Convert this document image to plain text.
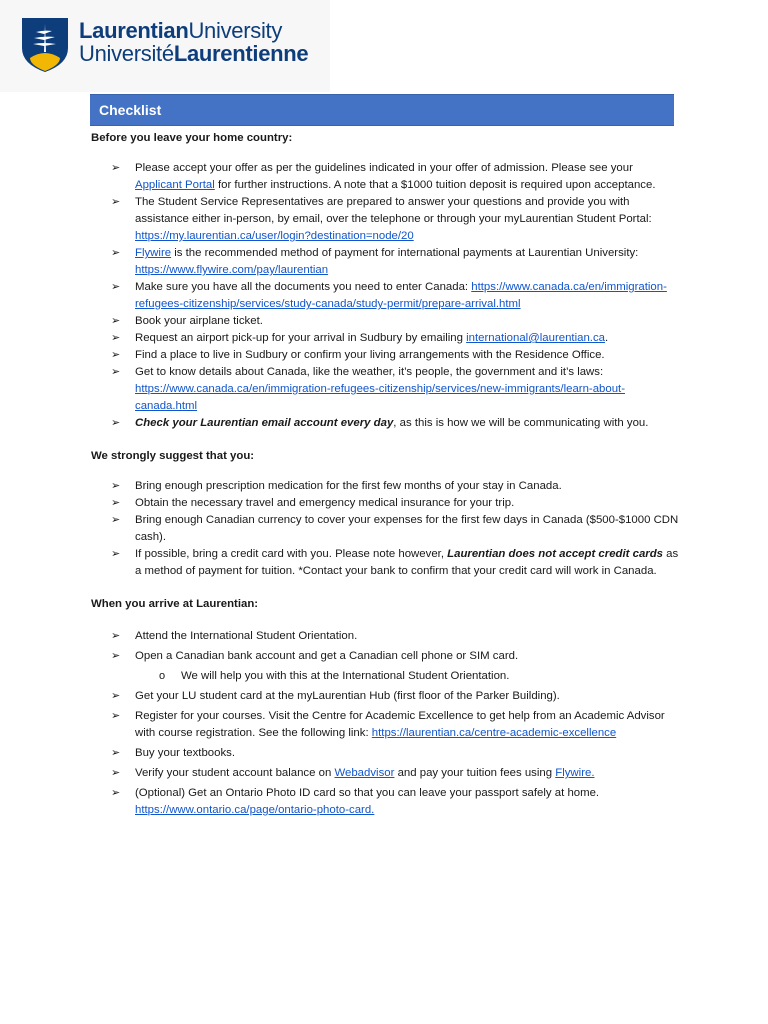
LaurentianUniversity
UniversitéLaurentienne
Checklist

Before you leave your home country:

➢ Please accept your offer as per the guidelines indicated in your offer of admission. Please see your Applicant Portal for further instructions. A note that a $1000 tuition deposit is required upon acceptance.
➢ The Student Service Representatives are prepared to answer your questions and provide you with assistance either in-person, by email, over the telephone or through your myLaurentian Student Portal: https://my.laurentian.ca/user/login?destination=node/20
➢ Flywire is the recommended method of payment for international payments at Laurentian University: https://www.flywire.com/pay/laurentian
➢ Make sure you have all the documents you need to enter Canada: https://www.canada.ca/en/immigration-refugees-citizenship/services/study-canada/study-permit/prepare-arrival.html
➢ Book your airplane ticket.
➢ Request an airport pick-up for your arrival in Sudbury by emailing international@laurentian.ca.
➢ Find a place to live in Sudbury or confirm your living arrangements with the Residence Office.
➢ Get to know details about Canada, like the weather, it’s people, the government and it’s laws: https://www.canada.ca/en/immigration-refugees-citizenship/services/new-immigrants/learn-about-canada.html
➢ Check your Laurentian email account every day, as this is how we will be communicating with you.

We strongly suggest that you:

➢ Bring enough prescription medication for the first few months of your stay in Canada.
➢ Obtain the necessary travel and emergency medical insurance for your trip.
➢ Bring enough Canadian currency to cover your expenses for the first few days in Canada ($500-$1000 CDN cash).
➢ If possible, bring a credit card with you. Please note however, Laurentian does not accept credit cards as a method of payment for tuition. *Contact your bank to confirm that your credit card will work in Canada.

When you arrive at Laurentian:

➢ Attend the International Student Orientation.
➢ Open a Canadian bank account and get a Canadian cell phone or SIM card.
o We will help you with this at the International Student Orientation.
➢ Get your LU student card at the myLaurentian Hub (first floor of the Parker Building).
➢ Register for your courses. Visit the Centre for Academic Excellence to get help from an Academic Advisor with course registration. See the following link: https://laurentian.ca/centre-academic-excellence
➢ Buy your textbooks.
➢ Verify your student account balance on Webadvisor and pay your tuition fees using Flywire.
➢ (Optional) Get an Ontario Photo ID card so that you can leave your passport safely at home. https://www.ontario.ca/page/ontario-photo-card.
